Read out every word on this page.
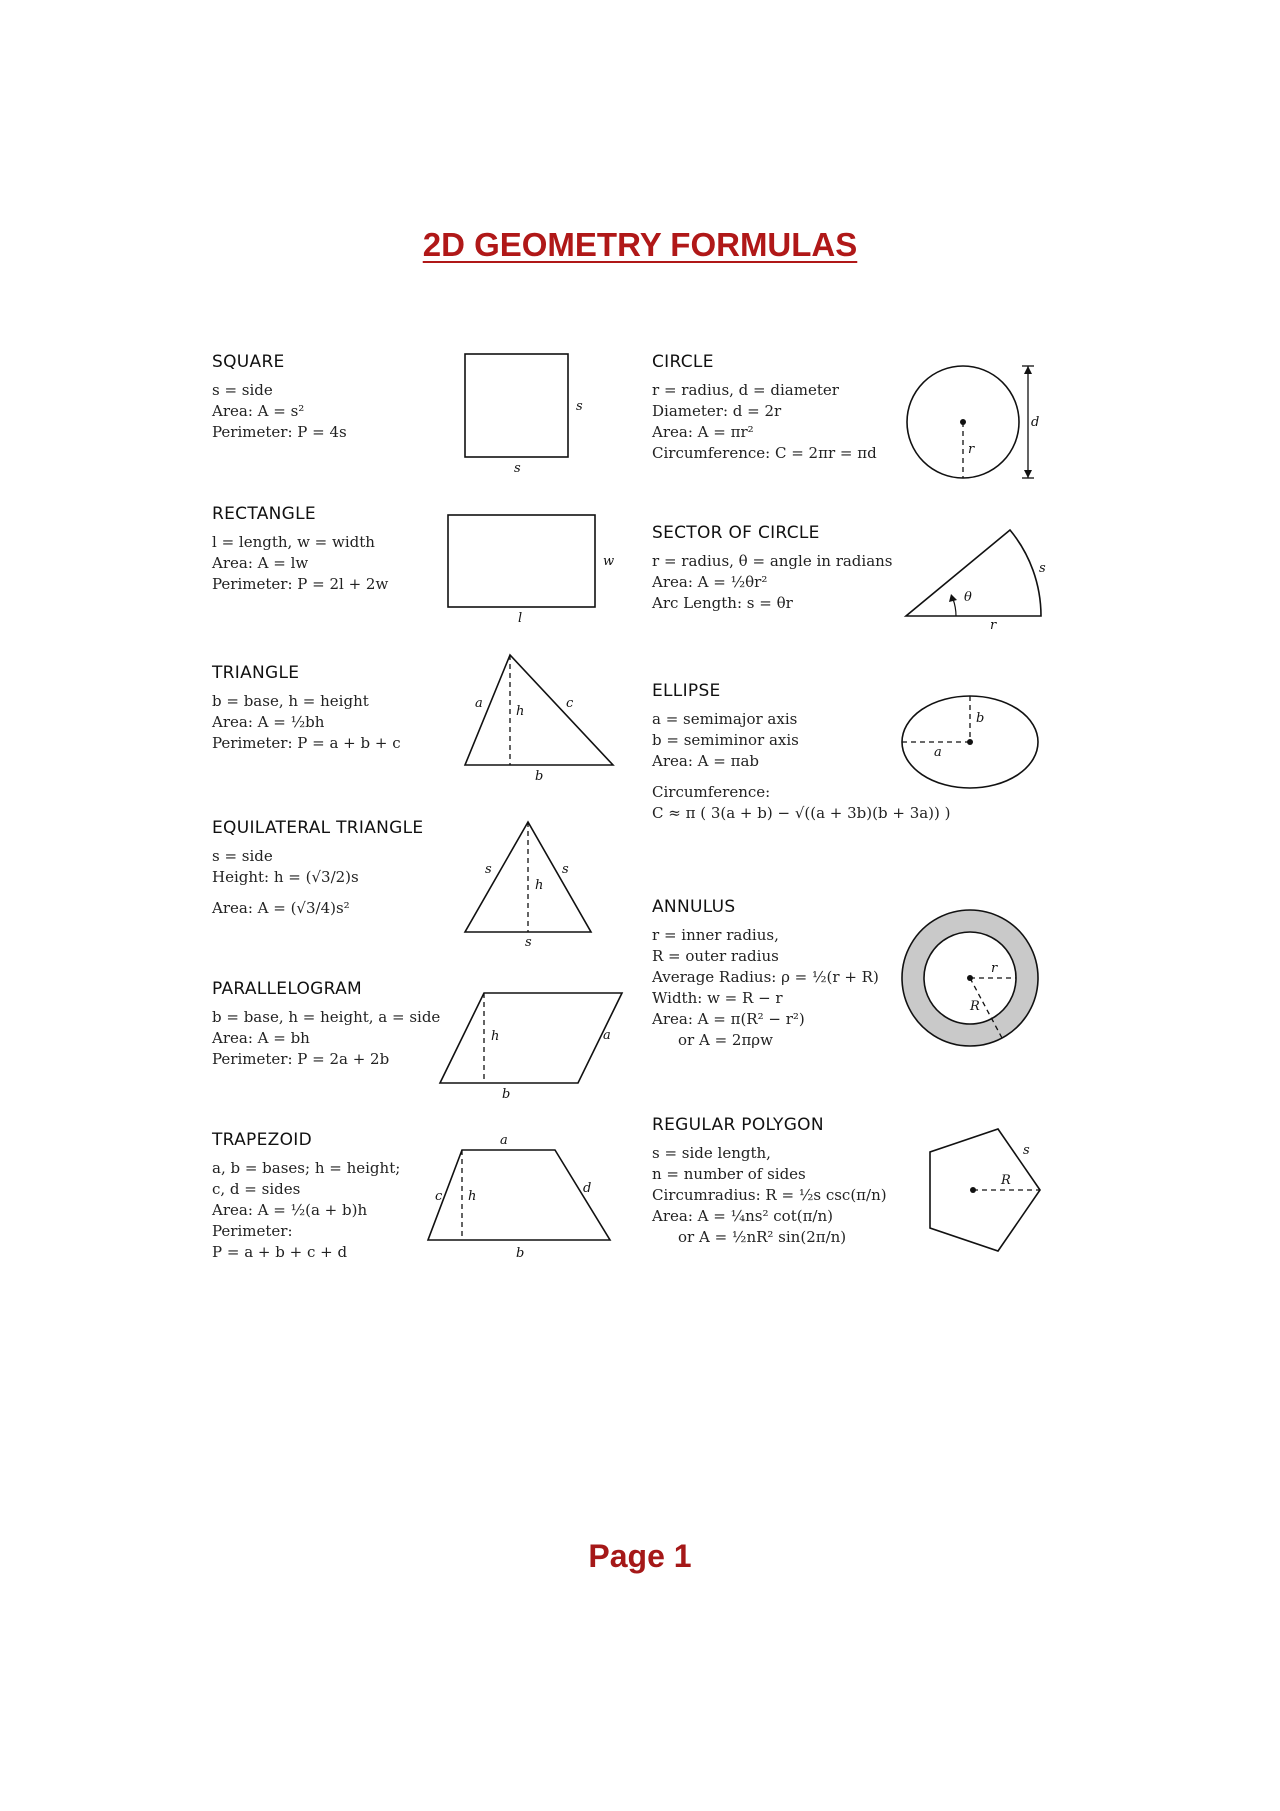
2D GEOMETRY FORMULAS
SQUARE
s = side
Area: A = s²
Perimeter: P = 4s
s
s
RECTANGLE
l = length, w = width
Area: A = lw
Perimeter: P = 2l + 2w
w
l
TRIANGLE
b = base, h = height
Area: A = ½bh
Perimeter: P = a + b + c
a	c
h
b
EQUILATERAL TRIANGLE
s = side
Height: h = (√3/2)s
Area: A = (√3/4)s²
s	s
h
s
PARALLELOGRAM
b = base, h = height, a = side
Area: A = bh
Perimeter: P = 2a + 2b
h	a
b
TRAPEZOID
a, b = bases; h = height;
c, d = sides
Area: A = ½(a + b)h
Perimeter:
P = a + b + c + d
a
c h
d
b
CIRCLE
r = radius, d = diameter
Diameter: d = 2r
Area: A = πr²
Circumference: C = 2πr = πd	r
d
SECTOR OF CIRCLE
r = radius, θ = angle in radians
Area: A = ½θr²
Arc Length: s = θr	θ
s
r
ELLIPSE
a = semimajor axis
b = semiminor axis
Area: A = πab
Circumference:
C ≈ π ( 3(a + b) − √((a + 3b)(b + 3a)) )
a
b
ANNULUS
r = inner radius,
R = outer radius
Average Radius: ρ = ½(r + R)
Width: w = R − r
Area: A = π(R² − r²)
or A = 2πρw
r
R
REGULAR POLYGON
s = side length,
n = number of sides
Circumradius: R = ½s csc(π/n)
Area: A = ¼ns² cot(π/n)
or A = ½nR² sin(2π/n)
R
s
Page 1
